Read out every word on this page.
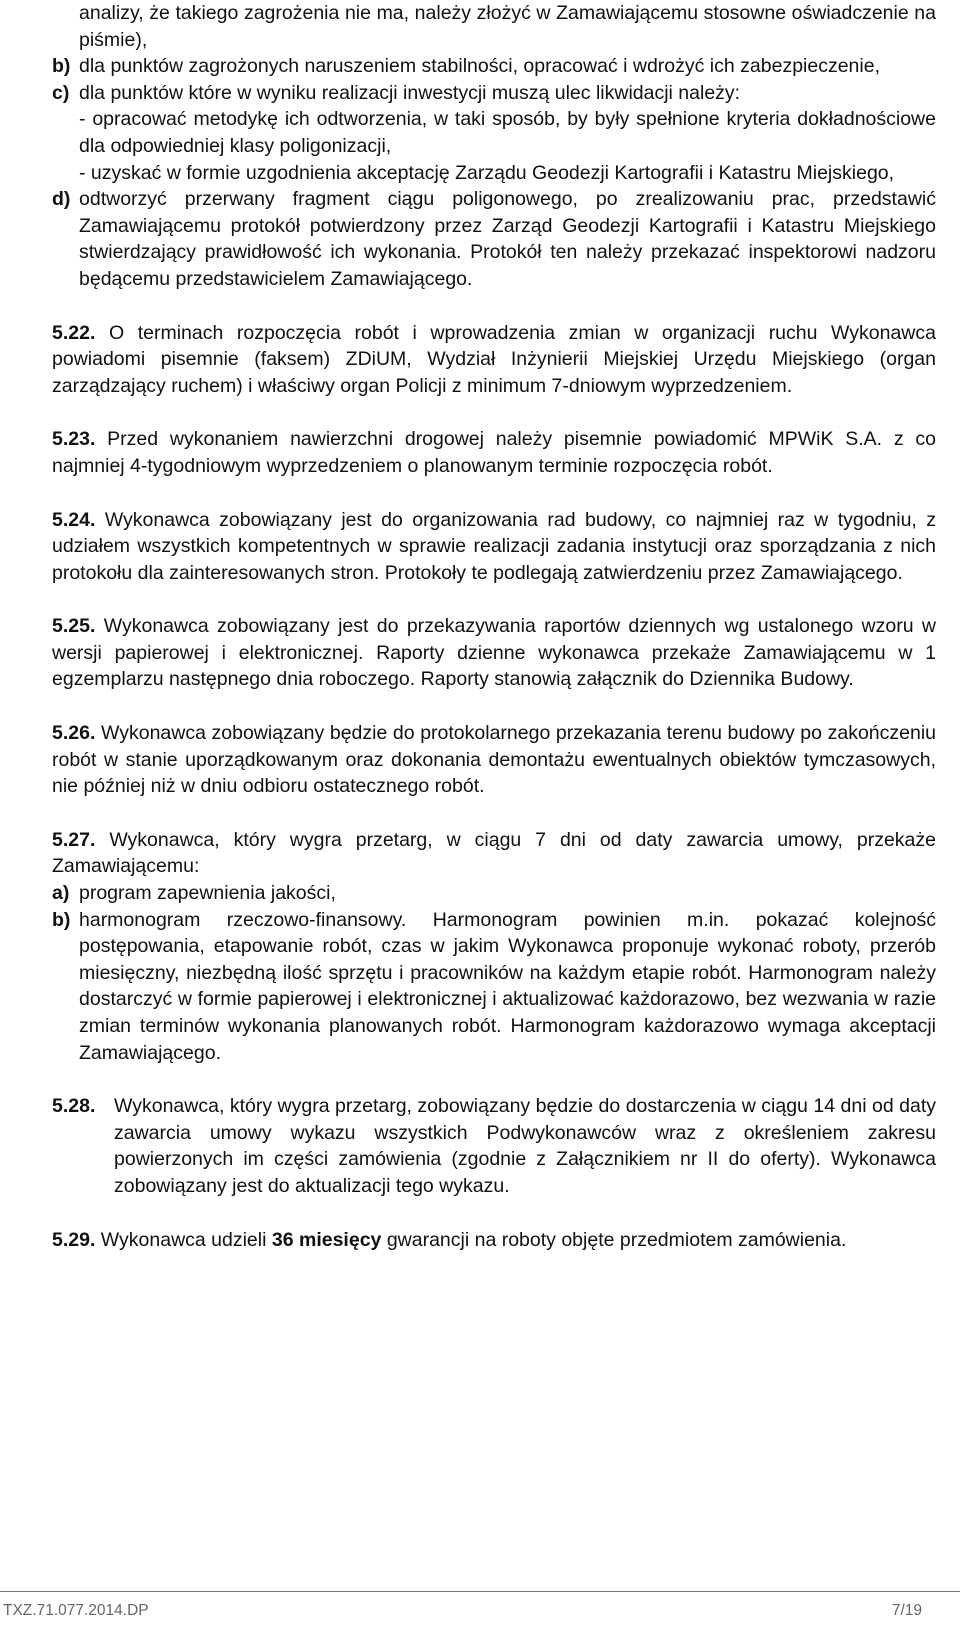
analizy, że takiego zagrożenia nie ma, należy złożyć w Zamawiającemu stosowne oświadczenie na piśmie),
b) dla punktów zagrożonych naruszeniem stabilności, opracować i wdrożyć ich zabezpieczenie,
c) dla punktów które w wyniku realizacji inwestycji muszą ulec likwidacji należy:
- opracować metodykę ich odtworzenia, w taki sposób, by były spełnione kryteria dokładnościowe dla odpowiedniej klasy poligonizacji,
- uzyskać w formie uzgodnienia akceptację Zarządu Geodezji Kartografii i Katastru Miejskiego,
d) odtworzyć przerwany fragment ciągu poligonowego, po zrealizowaniu prac, przedstawić Zamawiającemu protokół potwierdzony przez Zarząd Geodezji Kartografii i Katastru Miejskiego stwierdzający prawidłowość ich wykonania. Protokół ten należy przekazać inspektorowi nadzoru będącemu przedstawicielem Zamawiającego.
5.22. O terminach rozpoczęcia robót i wprowadzenia zmian w organizacji ruchu Wykonawca powiadomi pisemnie (faksem) ZDiUM, Wydział Inżynierii Miejskiej Urzędu Miejskiego (organ zarządzający ruchem) i właściwy organ Policji z minimum 7-dniowym wyprzedzeniem.
5.23. Przed wykonaniem nawierzchni drogowej należy pisemnie powiadomić MPWiK S.A. z co najmniej 4-tygodniowym wyprzedzeniem o planowanym terminie rozpoczęcia robót.
5.24. Wykonawca zobowiązany jest do organizowania rad budowy, co najmniej raz w tygodniu, z udziałem wszystkich kompetentnych w sprawie realizacji zadania instytucji oraz sporządzania z nich protokołu dla zainteresowanych stron. Protokoły te podlegają zatwierdzeniu przez Zamawiającego.
5.25. Wykonawca zobowiązany jest do przekazywania raportów dziennych wg ustalonego wzoru w wersji papierowej i elektronicznej. Raporty dzienne wykonawca przekaże Zamawiającemu w 1 egzemplarzu następnego dnia roboczego. Raporty stanowią załącznik do Dziennika Budowy.
5.26. Wykonawca zobowiązany będzie do protokolarnego przekazania terenu budowy po zakończeniu robót w stanie uporządkowanym oraz dokonania demontażu ewentualnych obiektów tymczasowych, nie później niż w dniu odbioru ostatecznego robót.
5.27. Wykonawca, który wygra przetarg, w ciągu 7 dni od daty zawarcia umowy, przekaże Zamawiającemu:
a) program zapewnienia jakości,
b) harmonogram rzeczowo-finansowy. Harmonogram powinien m.in. pokazać kolejność postępowania, etapowanie robót, czas w jakim Wykonawca proponuje wykonać roboty, przerób miesięczny, niezbędną ilość sprzętu i pracowników na każdym etapie robót. Harmonogram należy dostarczyć w formie papierowej i elektronicznej i aktualizować każdorazowo, bez wezwania w razie zmian terminów wykonania planowanych robót. Harmonogram każdorazowo wymaga akceptacji Zamawiającego.
5.28. Wykonawca, który wygra przetarg, zobowiązany będzie do dostarczenia w ciągu 14 dni od daty zawarcia umowy wykazu wszystkich Podwykonawców wraz z określeniem zakresu powierzonych im części zamówienia (zgodnie z Załącznikiem nr II do oferty). Wykonawca zobowiązany jest do aktualizacji tego wykazu.
5.29. Wykonawca udzieli 36 miesięcy gwarancji na roboty objęte przedmiotem zamówienia.
TXZ.71.077.2014.DP	7/19
